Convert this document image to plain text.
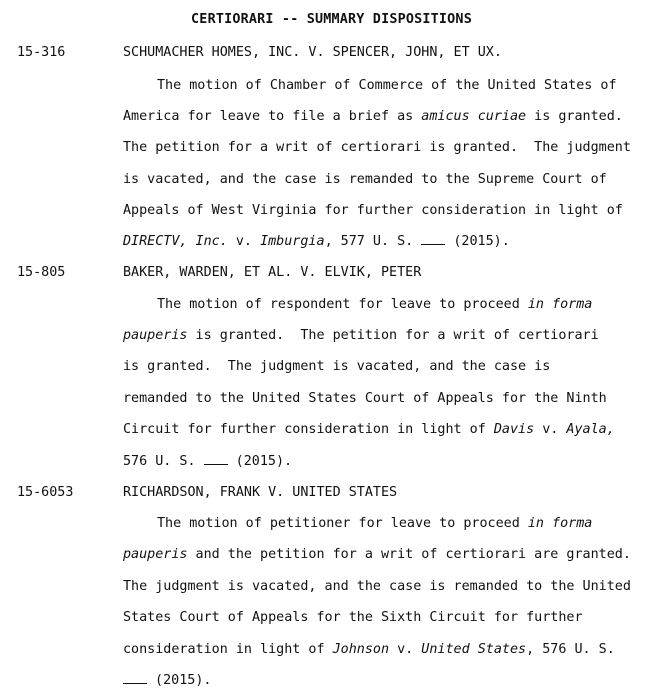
CERTIORARI -- SUMMARY DISPOSITIONS
15-316	SCHUMACHER HOMES, INC. V. SPENCER, JOHN, ET UX.
The motion of Chamber of Commerce of the United States of
America for leave to file a brief as amicus curiae is granted.
The petition for a writ of certiorari is granted.  The judgment
is vacated, and the case is remanded to the Supreme Court of
Appeals of West Virginia for further consideration in light of
DIRECTV, Inc. v. Imburgia, 577 U. S.  (2015).
15-805	BAKER, WARDEN, ET AL. V. ELVIK, PETER
The motion of respondent for leave to proceed in forma
pauperis is granted.  The petition for a writ of certiorari
is granted.  The judgment is vacated, and the case is
remanded to the United States Court of Appeals for the Ninth
Circuit for further consideration in light of Davis v. Ayala,
576 U. S.  (2015).
15-6053	RICHARDSON, FRANK V. UNITED STATES
The motion of petitioner for leave to proceed in forma
pauperis and the petition for a writ of certiorari are granted.
The judgment is vacated, and the case is remanded to the United
States Court of Appeals for the Sixth Circuit for further
consideration in light of Johnson v. United States, 576 U. S.
(2015).
